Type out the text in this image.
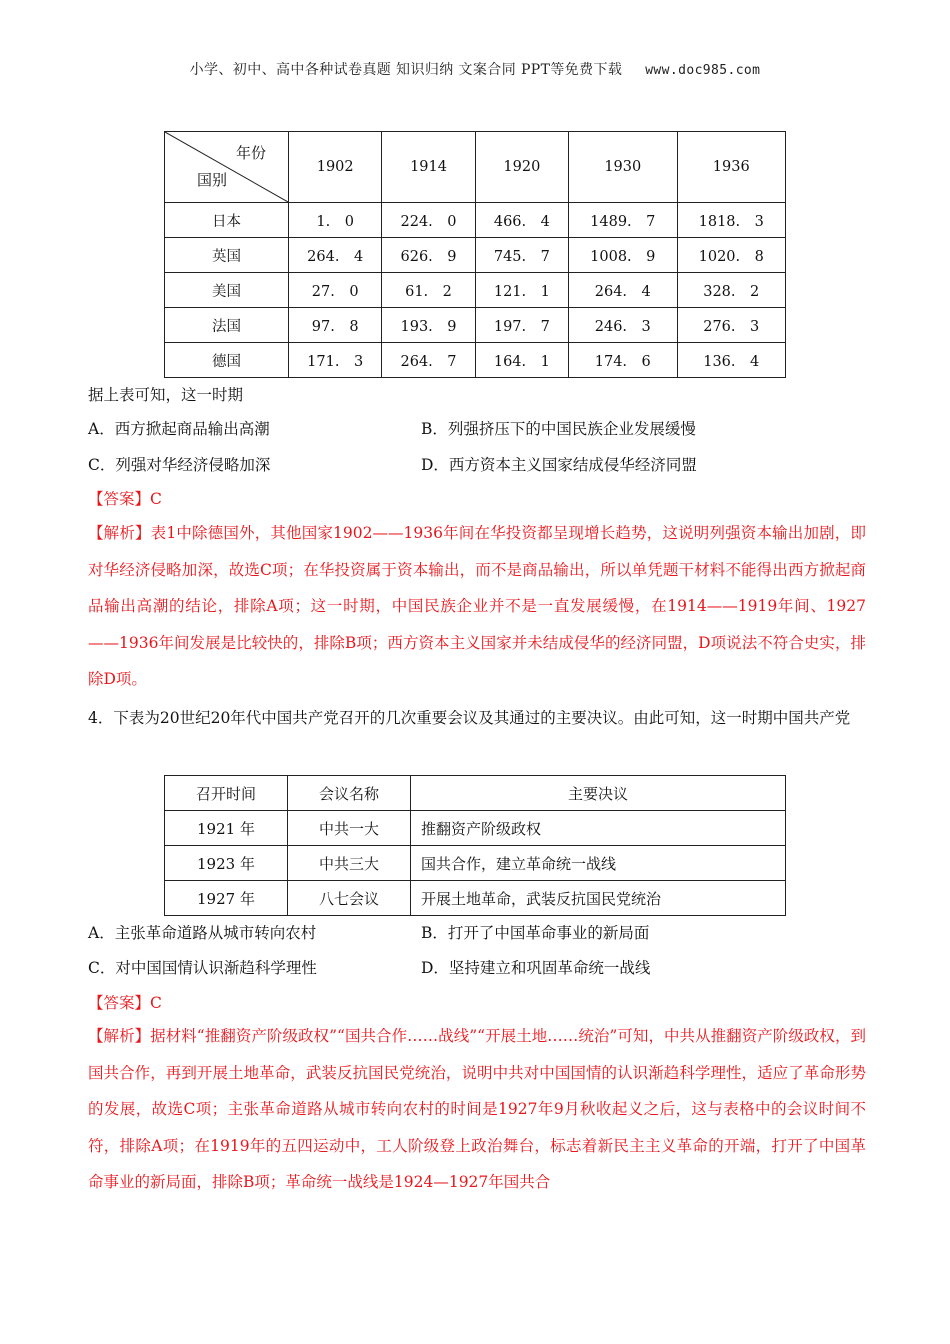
小学、初中、高中各种试卷真题 知识归纳 文案合同 PPT等免费下载 www.doc985.com
年份
国别	1902	1914	1920	1930	1936
日本	1.　0	224.　0	466.　4	1489.　7	1818.　3
英国	264.　4	626.　9	745.　7	1008.　9	1020.　8
美国	27.　0	61.　2	121.　1	264.　4	328.　2
法国	97.　8	193.　9	197.　7	246.　3	276.　3
德国	171.　3	264.　7	164.　1	174.　6	136.　4
据上表可知，这一时期
A．西方掀起商品输出高潮	B．列强挤压下的中国民族企业发展缓慢
C．列强对华经济侵略加深	D．西方资本主义国家结成侵华经济同盟
【答案】C
【解析】表1中除德国外，其他国家1902——1936年间在华投资都呈现增长趋势，这说明列强资本输出加剧，即对华经济侵略加深，故选C项；在华投资属于资本输出，而不是商品输出，所以单凭题干材料不能得出西方掀起商品输出高潮的结论，排除A项；这一时期，中国民族企业并不是一直发展缓慢，在1914——1919年间、1927——1936年间发展是比较快的，排除B项；西方资本主义国家并未结成侵华的经济同盟，D项说法不符合史实，排除D项。
4．下表为20世纪20年代中国共产党召开的几次重要会议及其通过的主要决议。由此可知，这一时期中国共产党
召开时间	会议名称	主要决议
1921 年	中共一大	推翻资产阶级政权
1923 年	中共三大	国共合作，建立革命统一战线
1927 年	八七会议	开展土地革命，武装反抗国民党统治
A．主张革命道路从城市转向农村	B．打开了中国革命事业的新局面
C．对中国国情认识渐趋科学理性	D．坚持建立和巩固革命统一战线
【答案】C
【解析】据材料“推翻资产阶级政权”“国共合作……战线”“开展土地……统治”可知，中共从推翻资产阶级政权，到国共合作，再到开展土地革命，武装反抗国民党统治，说明中共对中国国情的认识渐趋科学理性，适应了革命形势的发展，故选C项；主张革命道路从城市转向农村的时间是1927年9月秋收起义之后，这与表格中的会议时间不符，排除A项；在1919年的五四运动中，工人阶级登上政治舞台，标志着新民主主义革命的开端，打开了中国革命事业的新局面，排除B项；革命统一战线是1924—1927年国共合
